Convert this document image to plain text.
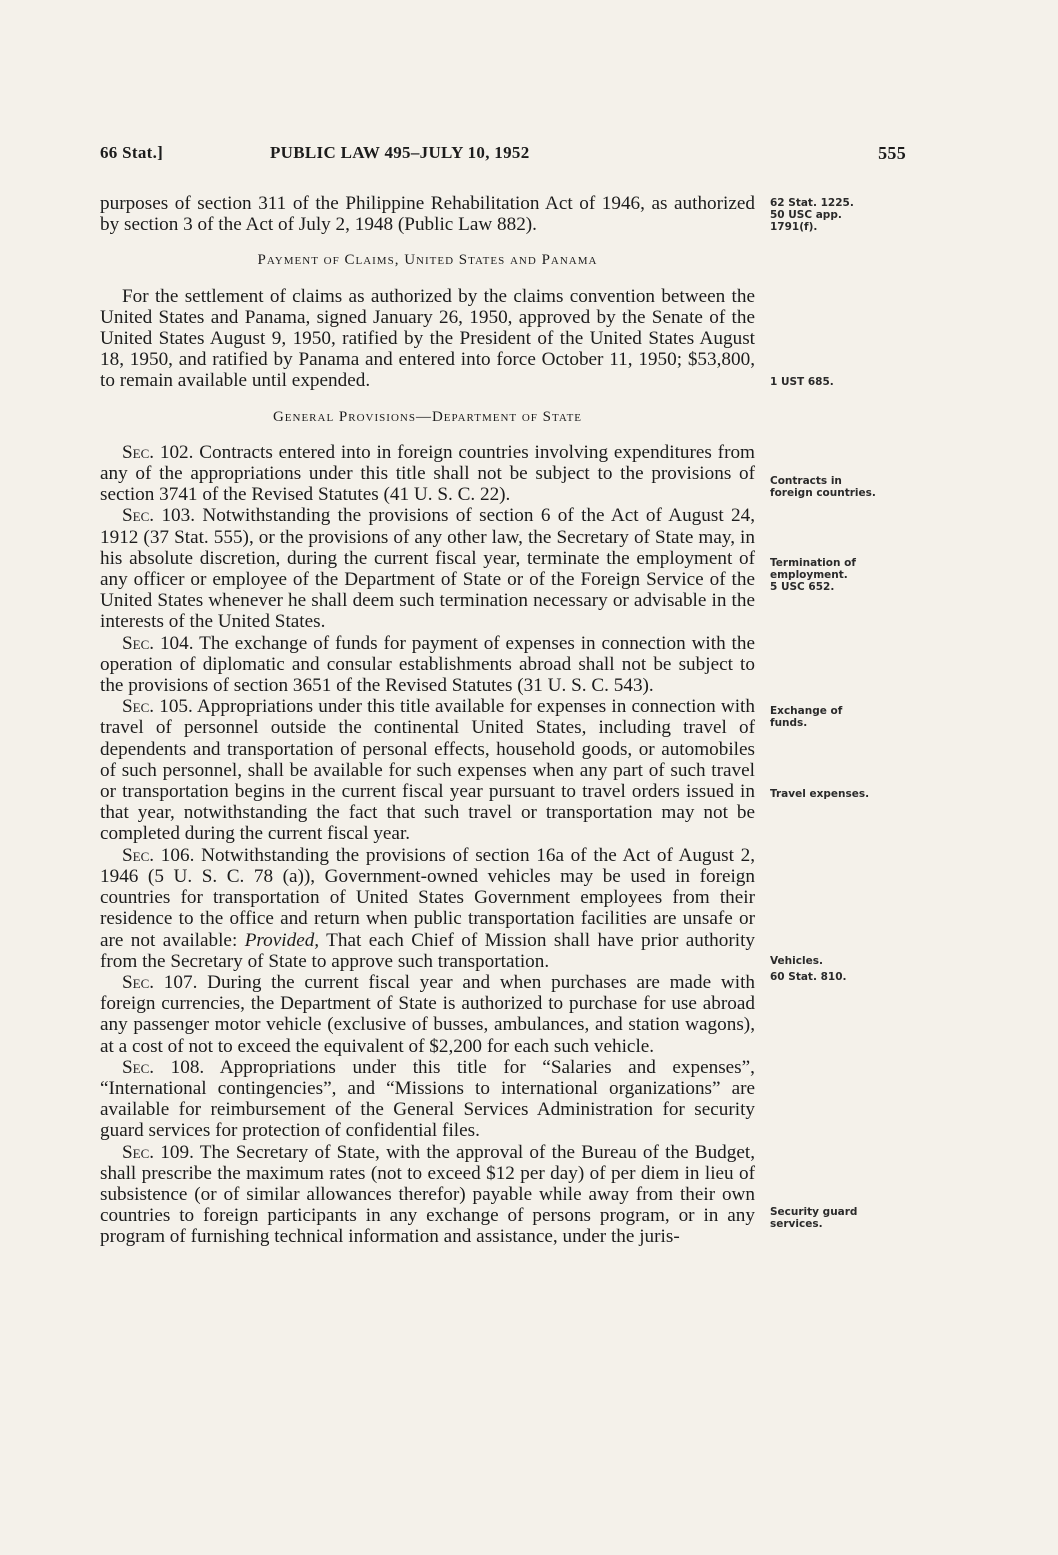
66 Stat.]	PUBLIC LAW 495–JULY 10, 1952	555

purposes of section 311 of the Philippine Rehabilitation Act of 1946, as authorized by section 3 of the Act of July 2, 1948 (Public Law 882).

Payment of Claims, United States and Panama

For the settlement of claims as authorized by the claims convention between the United States and Panama, signed January 26, 1950, approved by the Senate of the United States August 9, 1950, ratified by the President of the United States August 18, 1950, and ratified by Panama and entered into force October 11, 1950; $53,800, to remain available until expended.

General Provisions—Department of State

Sec. 102. Contracts entered into in foreign countries involving expenditures from any of the appropriations under this title shall not be subject to the provisions of section 3741 of the Revised Statutes (41 U. S. C. 22).

Sec. 103. Notwithstanding the provisions of section 6 of the Act of August 24, 1912 (37 Stat. 555), or the provisions of any other law, the Secretary of State may, in his absolute discretion, during the current fiscal year, terminate the employment of any officer or employee of the Department of State or of the Foreign Service of the United States whenever he shall deem such termination necessary or advisable in the interests of the United States.

Sec. 104. The exchange of funds for payment of expenses in connection with the operation of diplomatic and consular establishments abroad shall not be subject to the provisions of section 3651 of the Revised Statutes (31 U. S. C. 543).

Sec. 105. Appropriations under this title available for expenses in connection with travel of personnel outside the continental United States, including travel of dependents and transportation of personal effects, household goods, or automobiles of such personnel, shall be available for such expenses when any part of such travel or transportation begins in the current fiscal year pursuant to travel orders issued in that year, notwithstanding the fact that such travel or transportation may not be completed during the current fiscal year.

Sec. 106. Notwithstanding the provisions of section 16a of the Act of August 2, 1946 (5 U. S. C. 78 (a)), Government-owned vehicles may be used in foreign countries for transportation of United States Government employees from their residence to the office and return when public transportation facilities are unsafe or are not available: Provided, That each Chief of Mission shall have prior authority from the Secretary of State to approve such transportation.

Sec. 107. During the current fiscal year and when purchases are made with foreign currencies, the Department of State is authorized to purchase for use abroad any passenger motor vehicle (exclusive of busses, ambulances, and station wagons), at a cost of not to exceed the equivalent of $2,200 for each such vehicle.

Sec. 108. Appropriations under this title for “Salaries and expenses”, “International contingencies”, and “Missions to international organizations” are available for reimbursement of the General Services Administration for security guard services for protection of confidential files.

Sec. 109. The Secretary of State, with the approval of the Bureau of the Budget, shall prescribe the maximum rates (not to exceed $12 per day) of per diem in lieu of subsistence (or of similar allowances therefor) payable while away from their own countries to foreign participants in any exchange of persons program, or in any program of furnishing technical information and assistance, under the juris-

62 Stat. 1225.
50 USC app.
1791(f).
1 UST 685.
Contracts in
foreign countries.
Termination of
employment.
5 USC 652.
Exchange of
funds.
Travel expenses.
Vehicles.
60 Stat. 810.
Security guard
services.
